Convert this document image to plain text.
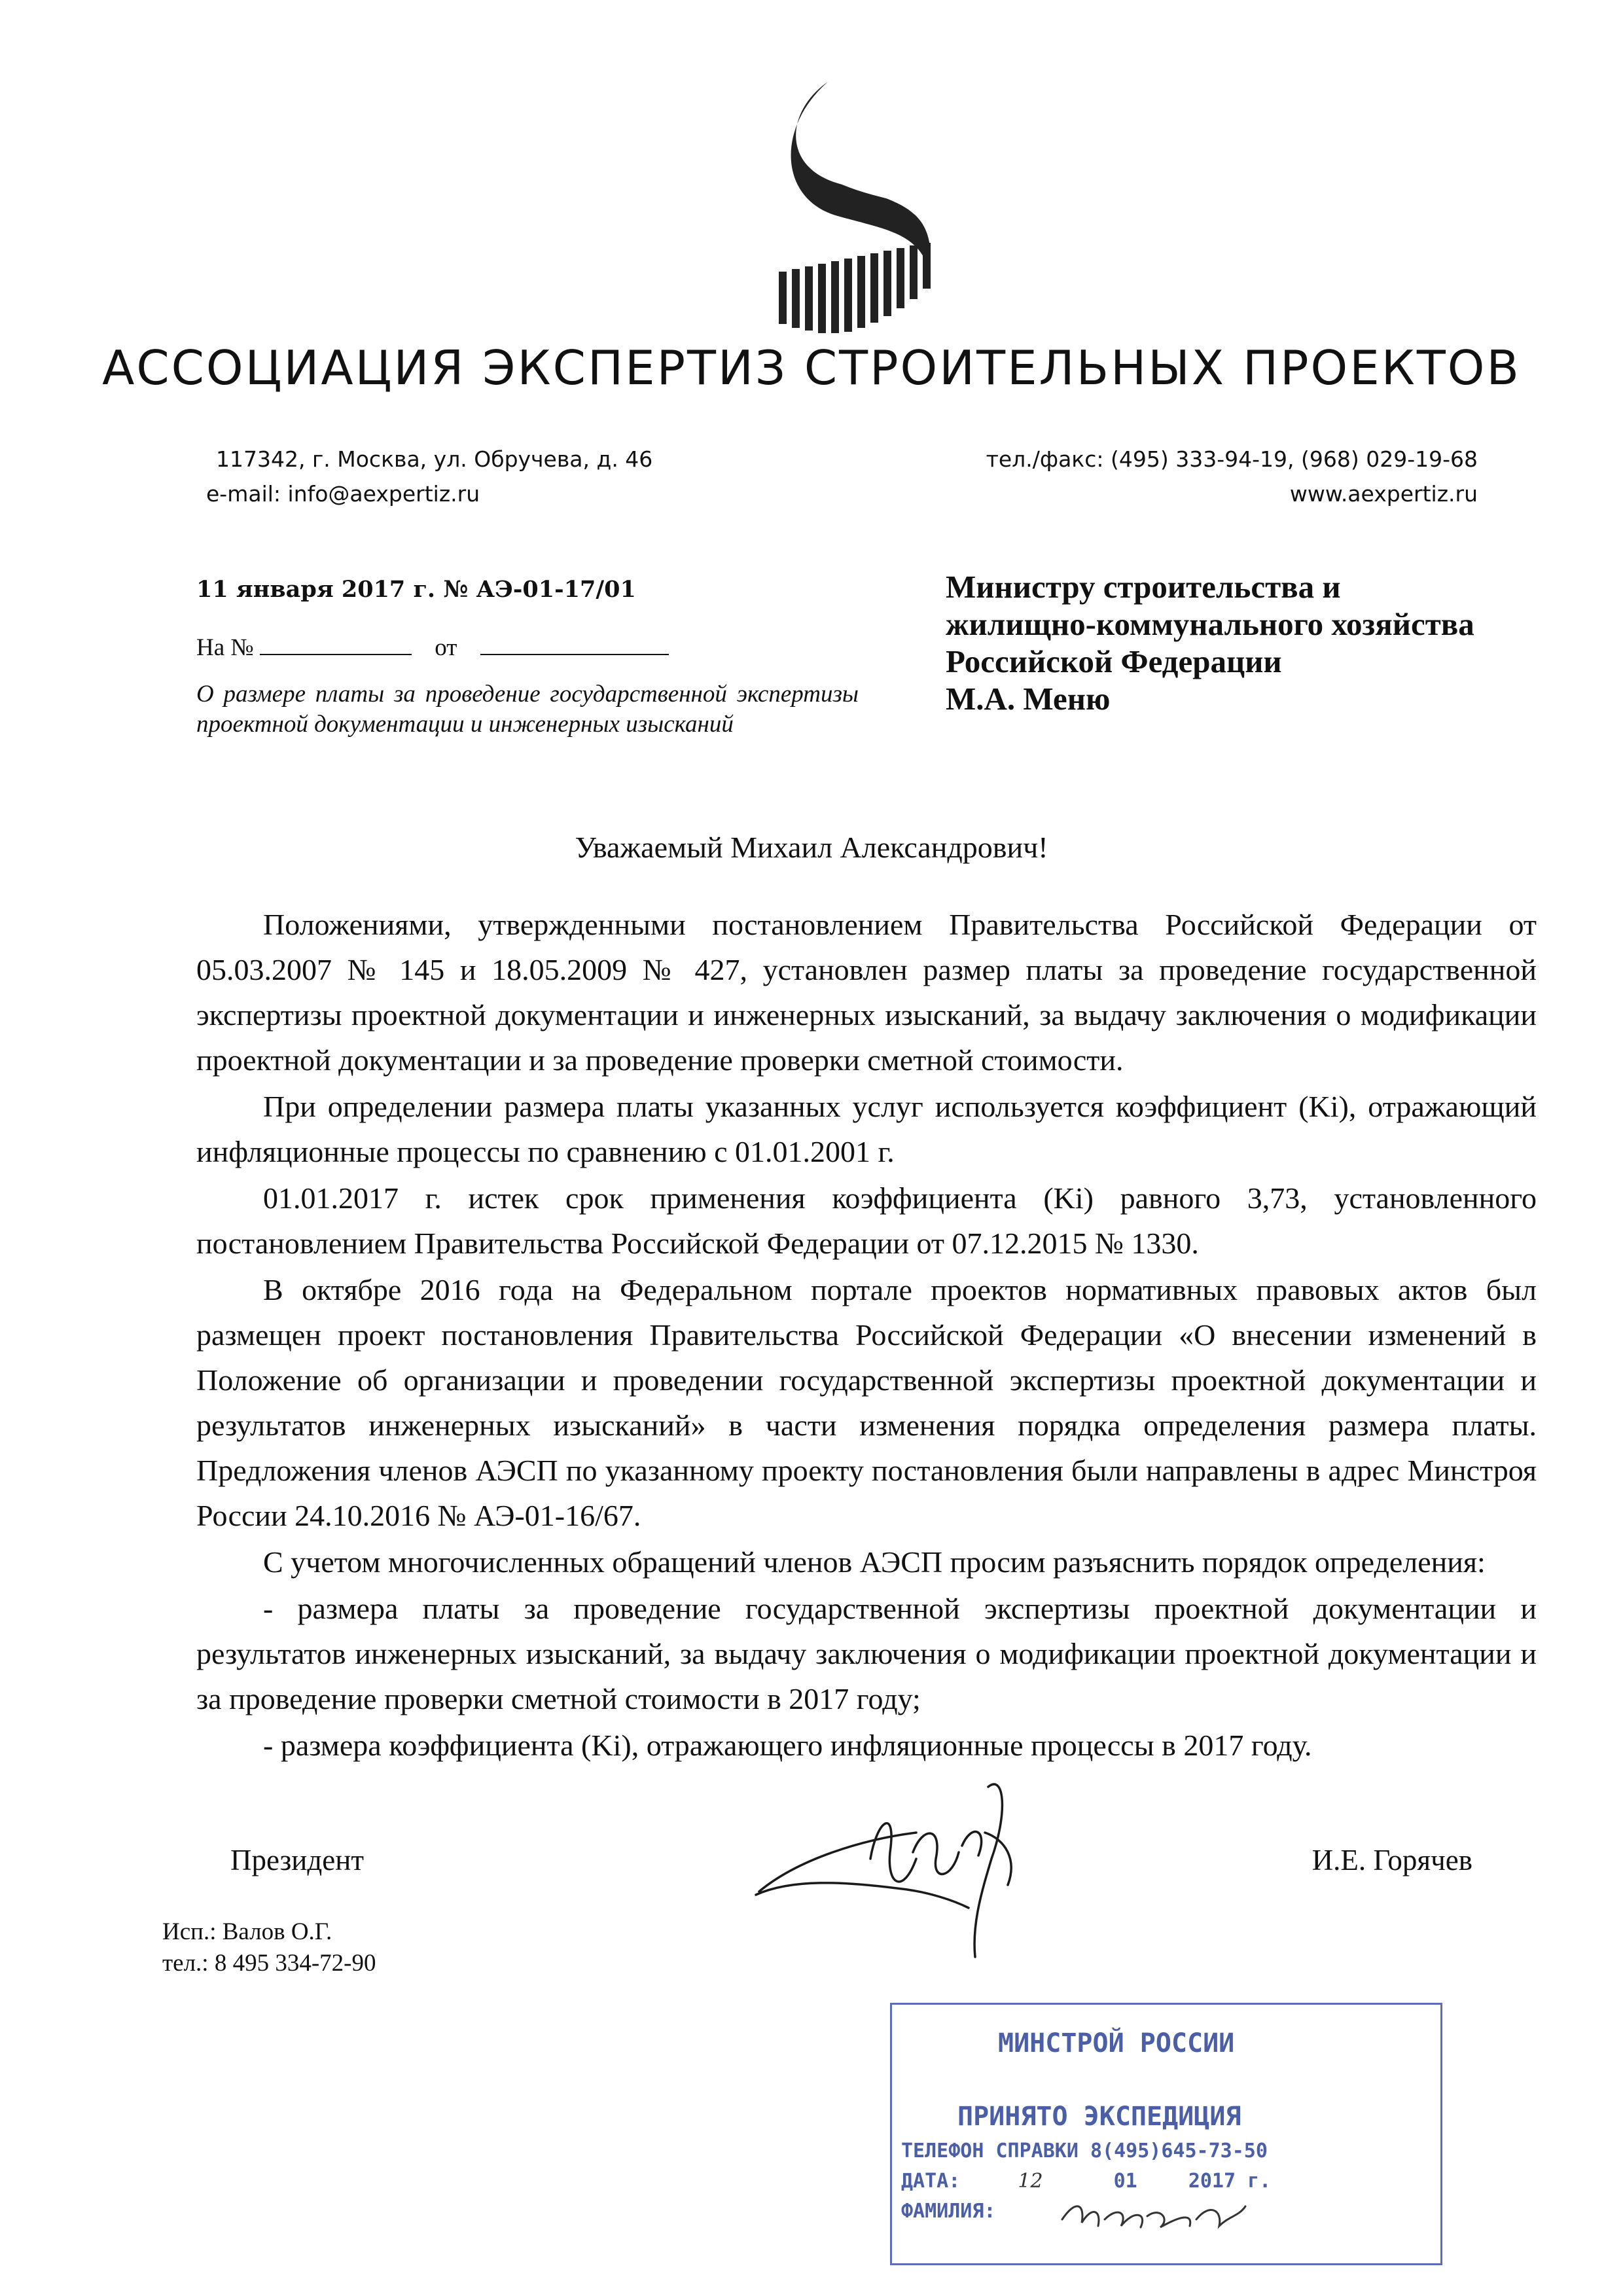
АССОЦИАЦИЯ ЭКСПЕРТИЗ СТРОИТЕЛЬНЫХ ПРОЕКТОВ
117342, г. Москва, ул. Обручева, д. 46
e-mail: info@aexpertiz.ru
тел./факс: (495) 333-94-19, (968) 029-19-68
www.aexpertiz.ru
11 января 2017 г. № АЭ-01-17/01
На №	от
О размере платы за проведение государственной экспертизы проектной документации и инженерных изысканий
Министру строительства и
жилищно-коммунального хозяйства
Российской Федерации
М.А. Меню
Уважаемый Михаил Александрович!

Положениями, утвержденными постановлением Правительства Российской Федерации от 05.03.2007 № 145 и 18.05.2009 № 427, установлен размер платы за проведение государственной экспертизы проектной документации и инженерных изысканий, за выдачу заключения о модификации проектной документации и за проведение проверки сметной стоимости.

При определении размера платы указанных услуг используется коэффициент (Ki), отражающий инфляционные процессы по сравнению с 01.01.2001 г.

01.01.2017 г. истек срок применения коэффициента (Ki) равного 3,73, установленного постановлением Правительства Российской Федерации от 07.12.2015 № 1330.

В октябре 2016 года на Федеральном портале проектов нормативных правовых актов был размещен проект постановления Правительства Российской Федерации «О внесении изменений в Положение об организации и проведении государственной экспертизы проектной документации и результатов инженерных изысканий» в части изменения порядка определения размера платы. Предложения членов АЭСП по указанному проекту постановления были направлены в адрес Минстроя России 24.10.2016 № АЭ-01-16/67.

С учетом многочисленных обращений членов АЭСП просим разъяснить порядок определения:

- размера платы за проведение государственной экспертизы проектной документации и результатов инженерных изысканий, за выдачу заключения о модификации проектной документации и за проведение проверки сметной стоимости в 2017 году;

- размера коэффициента (Ki), отражающего инфляционные процессы в 2017 году.

Президент	И.Е. Горячев
Исп.: Валов О.Г.
тел.: 8 495 334-72-90
МИНСТРОЙ РОССИИ
ПРИНЯТО ЭКСПЕДИЦИЯ
ТЕЛЕФОН СПРАВКИ 8(495)645-73-50
ДАТА:	12	01	2017 г.
ФАМИЛИЯ:
